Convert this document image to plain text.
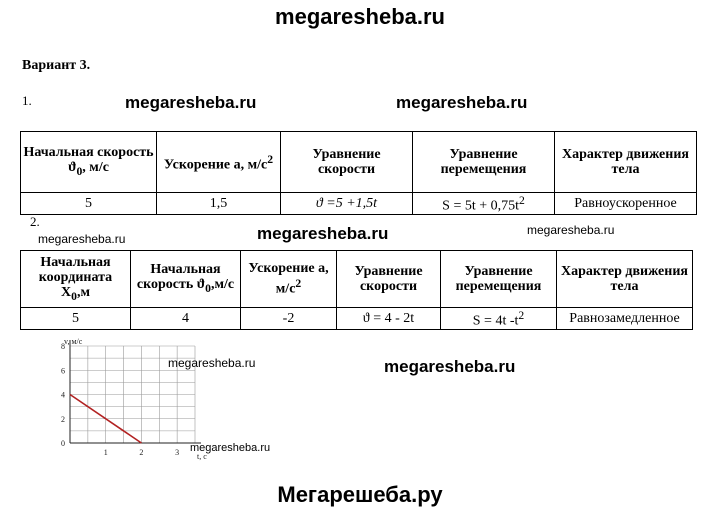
megaresheba.ru
Вариант 3.
1.	megaresheba.ru	megaresheba.ru
Начальная скорость $ϑ_0$, м/с	Ускорение a, $м/с^2$	Уравнение скорости	Уравнение перемещения	Характер движения тела
5	1,5	ϑ =5 +1,5t	$S = 5t + 0,75t^2$	Равноускоренное
2.
megaresheba.ru	megaresheba.ru	megaresheba.ru
Начальная координата $X_0,м$	Начальная скорость $ϑ_0,м/с$	Ускорение a, $м/с^2$	Уравнение скорости	Уравнение перемещения	Характер движения тела
5	4	-2	ϑ = 4 - 2t	S = 4t $-t^2$	Равнозамедленное
1	2	3
0
2
4
6
8
v, м/с
t, с
megaresheba.ru	megaresheba.ru
megaresheba.ru
Мегарешеба.ру
